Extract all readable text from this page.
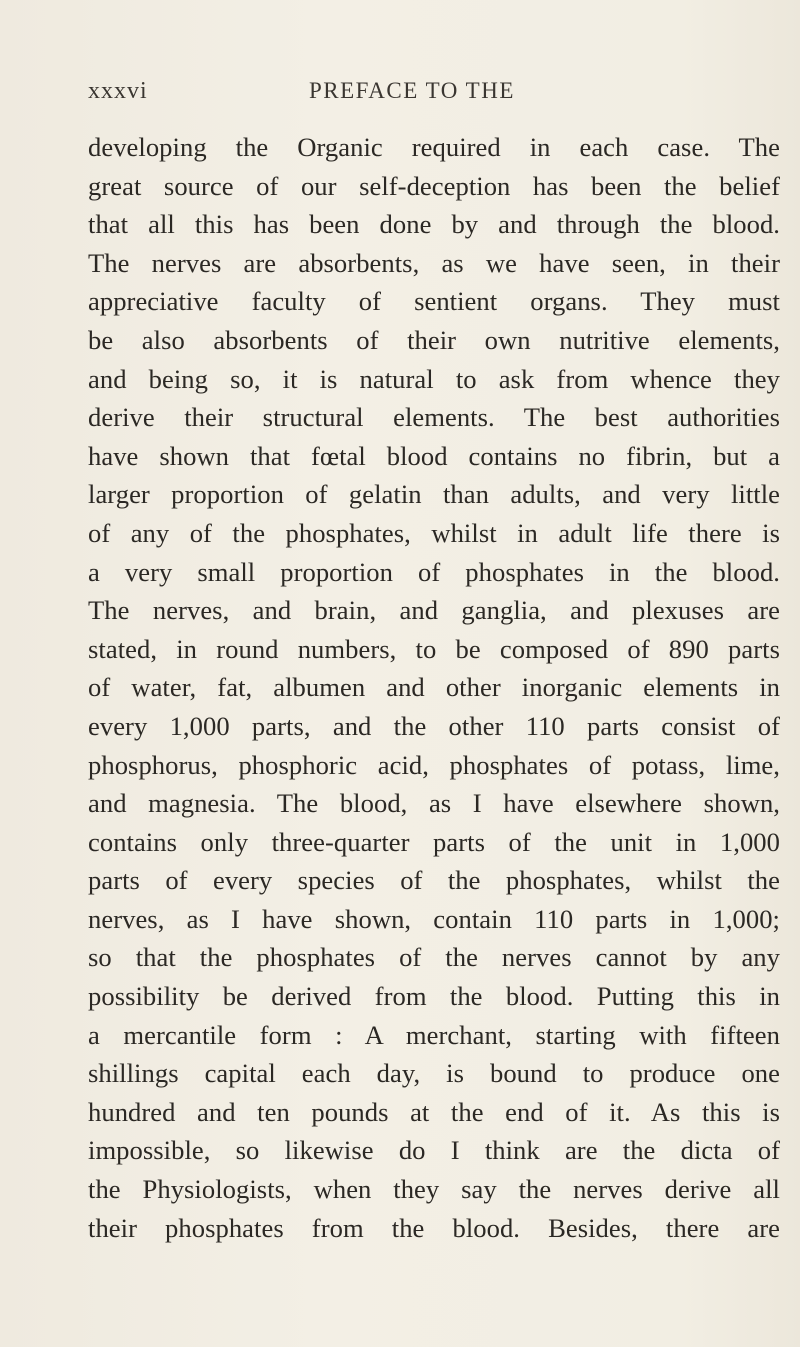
xxxvi	PREFACE TO THE
developing the Organic required in each case. The
great source of our self-deception has been the belief
that all this has been done by and through the blood.
The nerves are absorbents, as we have seen, in their
appreciative faculty of sentient organs. They must
be also absorbents of their own nutritive elements,
and being so, it is natural to ask from whence they
derive their structural elements. The best authorities
have shown that fœtal blood contains no fibrin, but a
larger proportion of gelatin than adults, and very little
of any of the phosphates, whilst in adult life there is
a very small proportion of phosphates in the blood.
The nerves, and brain, and ganglia, and plexuses are
stated, in round numbers, to be composed of 890 parts
of water, fat, albumen and other inorganic elements in
every 1,000 parts, and the other 110 parts consist of
phosphorus, phosphoric acid, phosphates of potass, lime,
and magnesia. The blood, as I have elsewhere shown,
contains only three-quarter parts of the unit in 1,000
parts of every species of the phosphates, whilst the
nerves, as I have shown, contain 110 parts in 1,000;
so that the phosphates of the nerves cannot by any
possibility be derived from the blood. Putting this in
a mercantile form : A merchant, starting with fifteen
shillings capital each day, is bound to produce one
hundred and ten pounds at the end of it. As this is
impossible, so likewise do I think are the dicta of
the Physiologists, when they say the nerves derive all
their phosphates from the blood. Besides, there are
